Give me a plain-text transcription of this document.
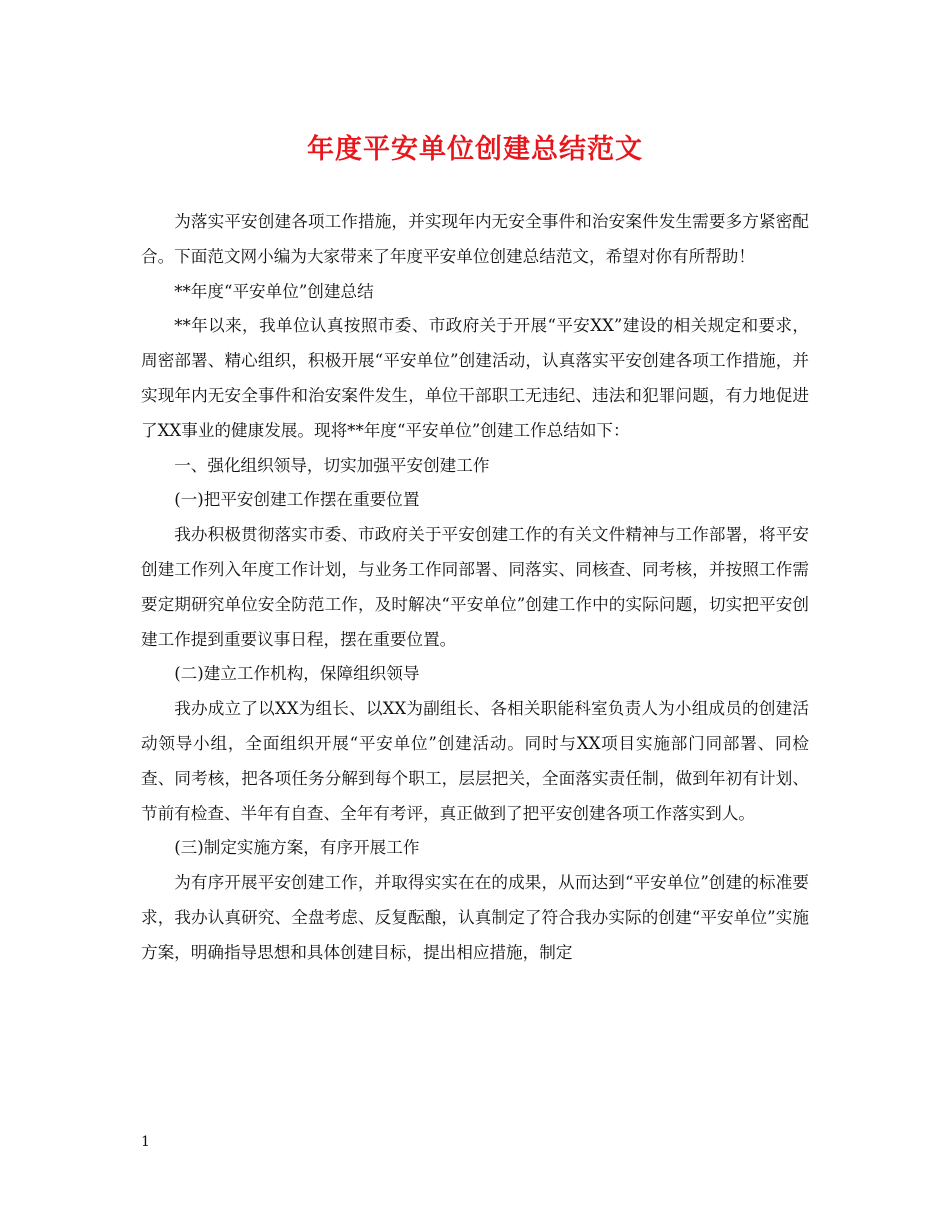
年度平安单位创建总结范文

为落实平安创建各项工作措施，并实现年内无安全事件和治安案件发生需要多方紧密配合。下面范文网小编为大家带来了年度平安单位创建总结范文，希望对你有所帮助！

**年度“平安单位”创建总结

**年以来，我单位认真按照市委、市政府关于开展“平安XX”建设的相关规定和要求，周密部署、精心组织，积极开展“平安单位”创建活动，认真落实平安创建各项工作措施，并实现年内无安全事件和治安案件发生，单位干部职工无违纪、违法和犯罪问题，有力地促进了XX事业的健康发展。现将**年度“平安单位”创建工作总结如下：

一、强化组织领导，切实加强平安创建工作

(一)把平安创建工作摆在重要位置

我办积极贯彻落实市委、市政府关于平安创建工作的有关文件精神与工作部署，将平安创建工作列入年度工作计划，与业务工作同部署、同落实、同核查、同考核，并按照工作需要定期研究单位安全防范工作，及时解决“平安单位”创建工作中的实际问题，切实把平安创建工作提到重要议事日程，摆在重要位置。

(二)建立工作机构，保障组织领导

我办成立了以XX为组长、以XX为副组长、各相关职能科室负责人为小组成员的创建活动领导小组，全面组织开展“平安单位”创建活动。同时与XX项目实施部门同部署、同检查、同考核，把各项任务分解到每个职工，层层把关，全面落实责任制，做到年初有计划、节前有检查、半年有自查、全年有考评，真正做到了把平安创建各项工作落实到人。

(三)制定实施方案，有序开展工作

为有序开展平安创建工作，并取得实实在在的成果，从而达到“平安单位”创建的标准要求，我办认真研究、全盘考虑、反复酝酿，认真制定了符合我办实际的创建“平安单位”实施方案，明确指导思想和具体创建目标，提出相应措施，制定

1
